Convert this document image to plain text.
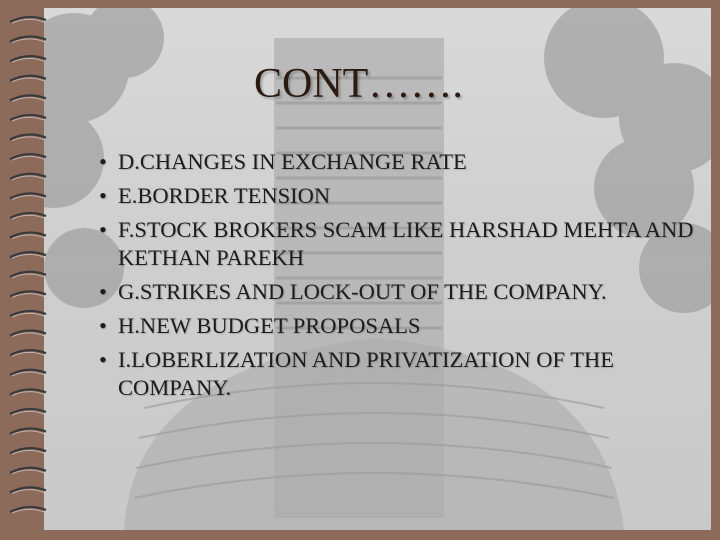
CONT…….
• D.CHANGES IN EXCHANGE RATE
• E.BORDER TENSION
• F.STOCK BROKERS SCAM LIKE HARSHAD MEHTA AND KETHAN PAREKH
• G.STRIKES AND LOCK-OUT OF THE COMPANY.
• H.NEW BUDGET PROPOSALS
• I.LOBERLIZATION AND PRIVATIZATION OF THE COMPANY.
